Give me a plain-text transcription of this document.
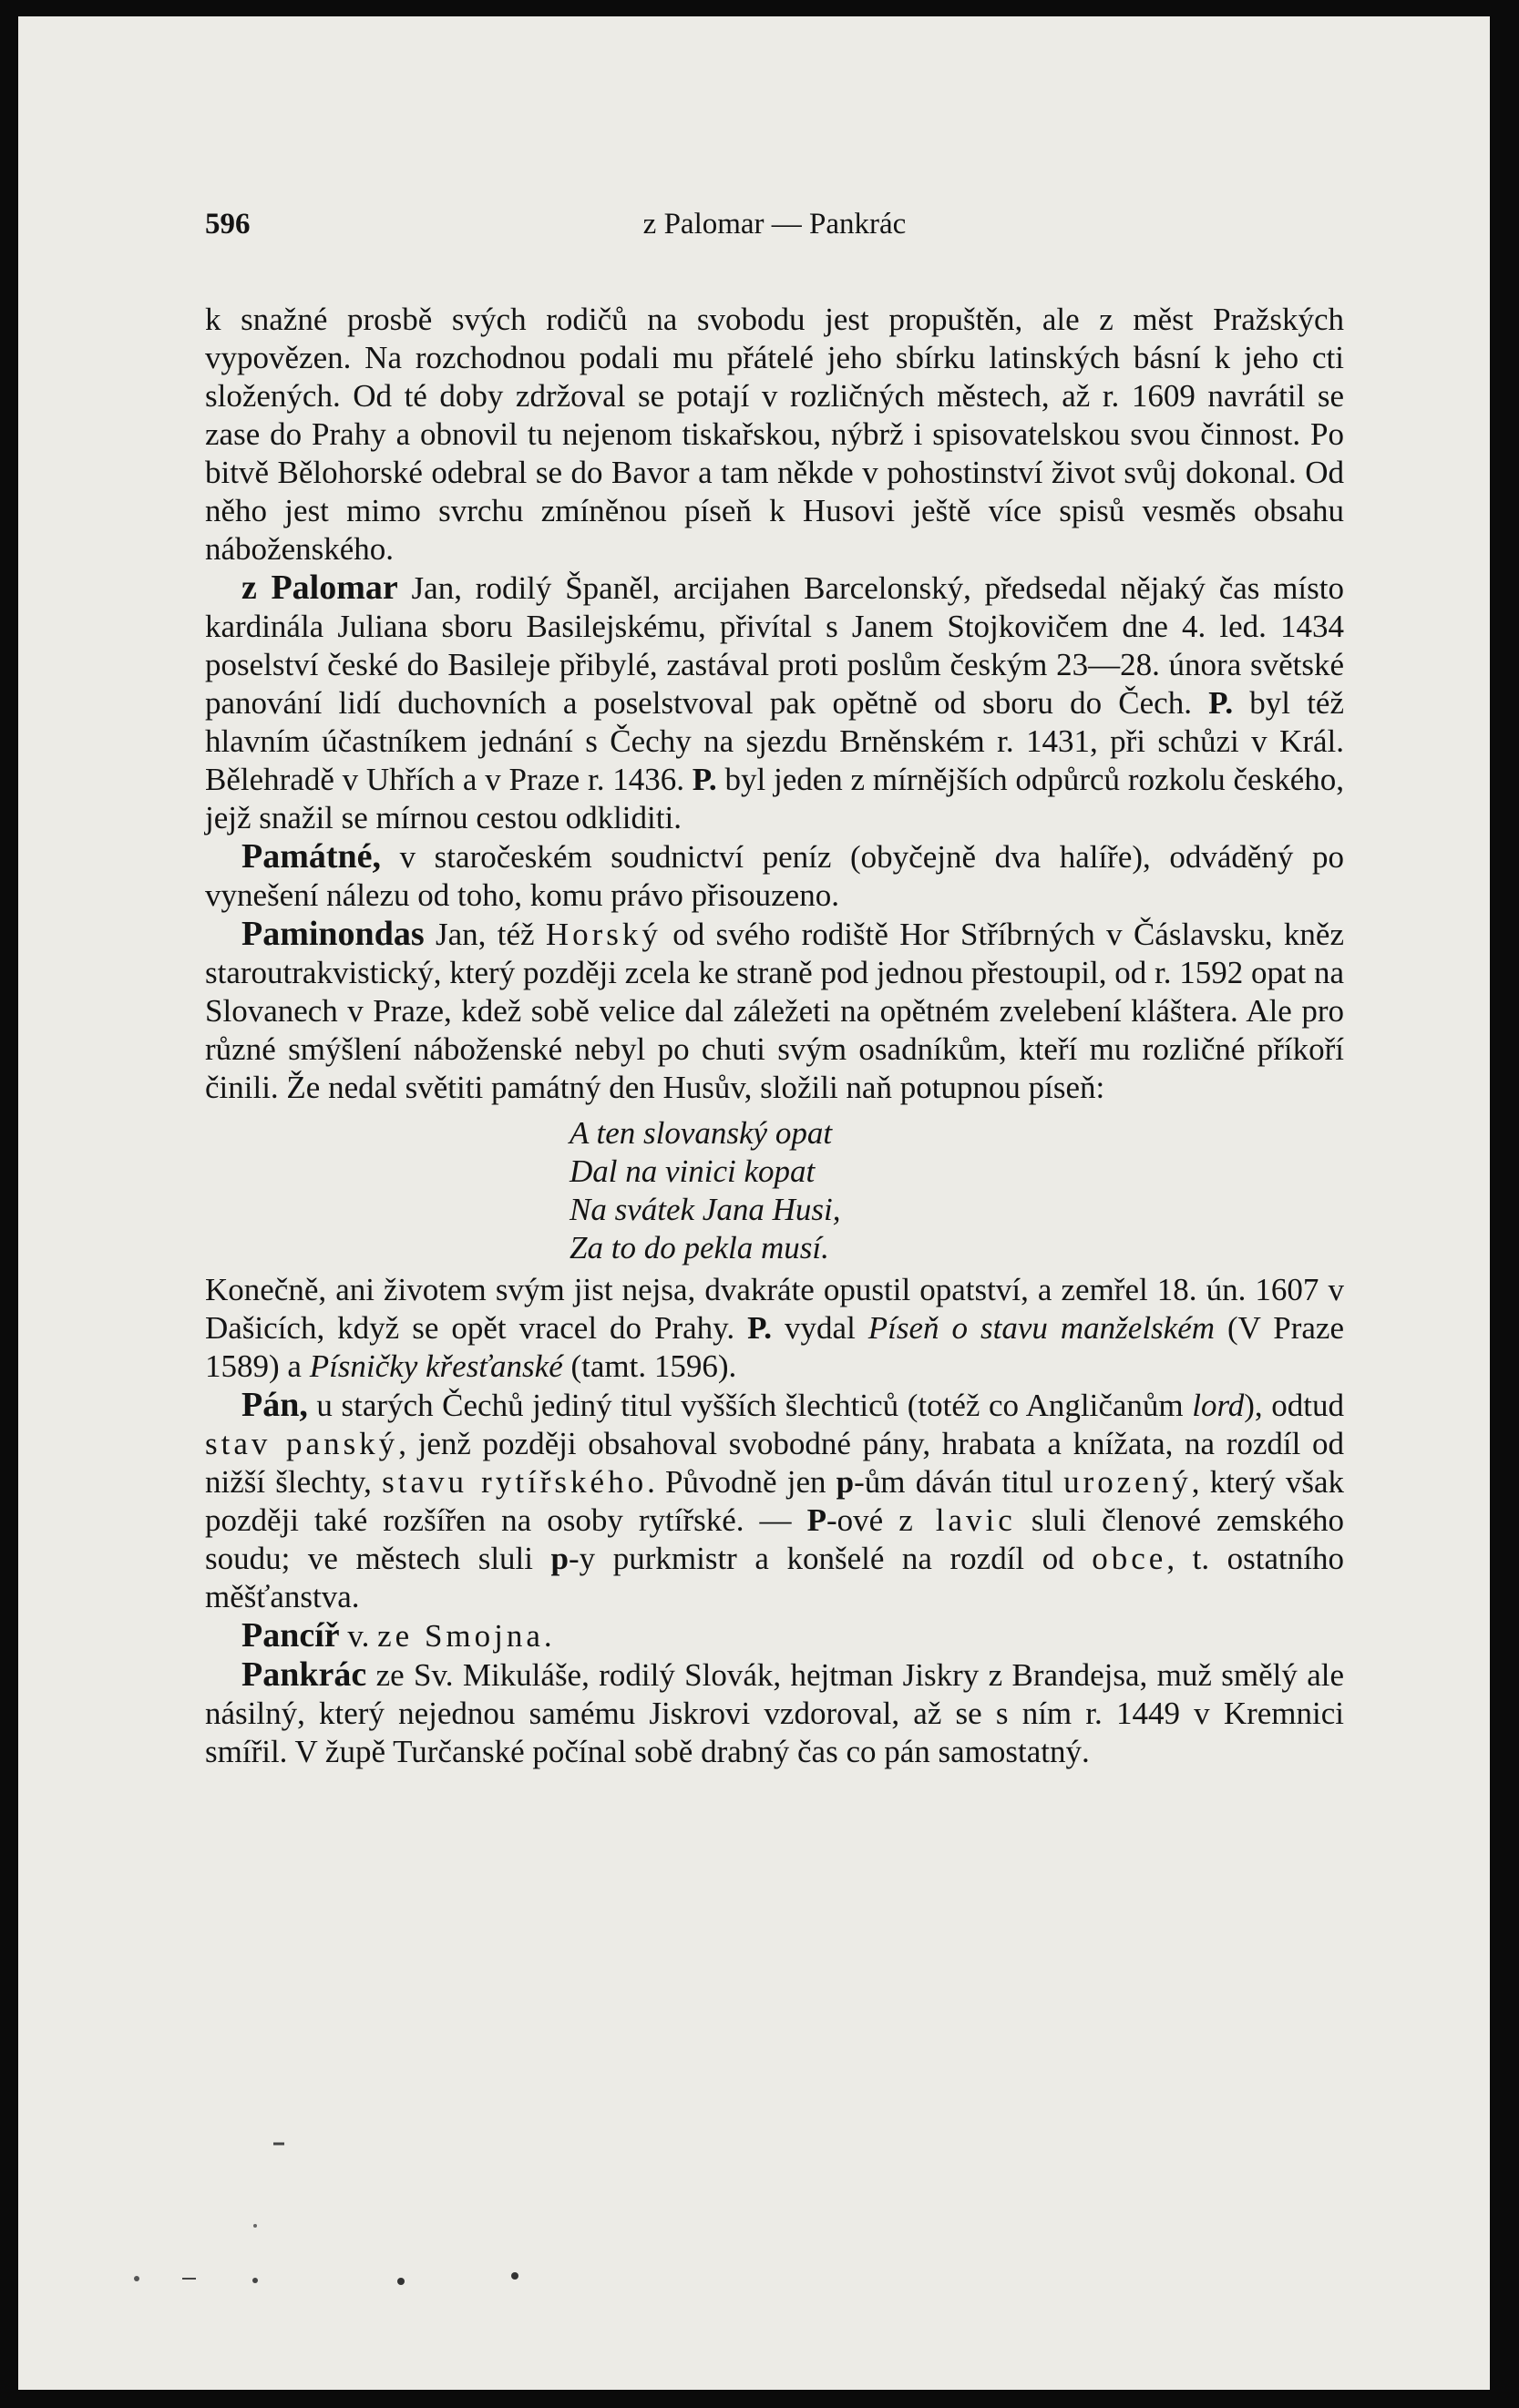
596	z Palomar — Pankrác

k snažné prosbě svých rodičů na svobodu jest propuštěn, ale z měst Pražských vypovězen. Na rozchodnou podali mu přátelé jeho sbírku latinských básní k jeho cti složených. Od té doby zdržoval se potají v rozličných městech, až r. 1609 navrátil se zase do Prahy a obnovil tu nejenom tiskařskou, nýbrž i spisovatelskou svou činnost. Po bitvě Bělohorské odebral se do Bavor a tam někde v pohostinství život svůj dokonal. Od něho jest mimo svrchu zmíněnou píseň k Husovi ještě více spisů vesměs obsahu náboženského.

z Palomar Jan, rodilý Španěl, arcijahen Barcelonský, předsedal nějaký čas místo kardinála Juliana sboru Basilejskému, přivítal s Janem Stojkovičem dne 4. led. 1434 poselství české do Basileje přibylé, zastával proti poslům českým 23—28. února světské panování lidí duchovních a poselstvoval pak opětně od sboru do Čech. P. byl též hlavním účastníkem jednání s Čechy na sjezdu Brněnském r. 1431, při schůzi v Král. Bělehradě v Uhřích a v Praze r. 1436. P. byl jeden z mírnějších odpůrců rozkolu českého, jejž snažil se mírnou cestou odkliditi.

Památné, v staročeském soudnictví peníz (obyčejně dva halíře), odváděný po vynešení nálezu od toho, komu právo přisouzeno.

Paminondas Jan, též Horský od svého rodiště Hor Stříbrných v Čáslavsku, kněz staroutrakvistický, který později zcela ke straně pod jednou přestoupil, od r. 1592 opat na Slovanech v Praze, kdež sobě velice dal záležeti na opětném zvelebení kláštera. Ale pro různé smýšlení náboženské nebyl po chuti svým osadníkům, kteří mu rozličné příkoří činili. Že nedal světiti památný den Husův, složili naň potupnou píseň:

A ten slovanský opat
Dal na vinici kopat
Na svátek Jana Husi,
Za to do pekla musí.

Konečně, ani životem svým jist nejsa, dvakráte opustil opatství, a zemřel 18. ún. 1607 v Dašicích, když se opět vracel do Prahy. P. vydal Píseň o stavu manželském (V Praze 1589) a Písničky křesťanské (tamt. 1596).

Pán, u starých Čechů jediný titul vyšších šlechticů (totéž co Angličanům lord), odtud stav panský, jenž později obsahoval svobodné pány, hrabata a knížata, na rozdíl od nižší šlechty, stavu rytířského. Původně jen p-ům dáván titul urozený, který však později také rozšířen na osoby rytířské. — P-ové z lavic sluli členové zemského soudu; ve městech sluli p-y purkmistr a konšelé na rozdíl od obce, t. ostatního měšťanstva.

Pancíř v. ze Smojna.

Pankrác ze Sv. Mikuláše, rodilý Slovák, hejtman Jiskry z Brandejsa, muž smělý ale násilný, který nejednou samému Jiskrovi vzdoroval, až se s ním r. 1449 v Kremnici smířil. V župě Turčanské počínal sobě drabný čas co pán samostatný.
